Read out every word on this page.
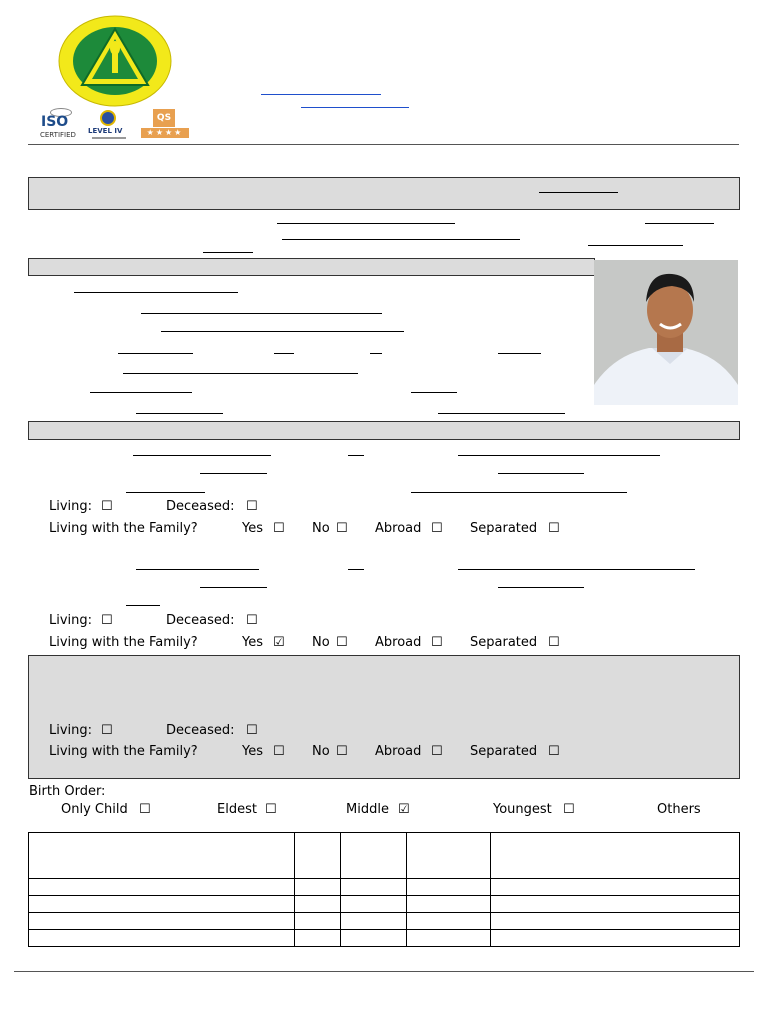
ISO
CERTIFIED LEVEL IV
QS
★★★★
Living: ☐	Deceased: ☐
Living with the Family?	Yes ☐ No ☐ Abroad ☐ Separated ☐
Living: ☐	Deceased: ☐
Living with the Family?	Yes ☑ No ☐ Abroad ☐ Separated ☐
Living: ☐	Deceased: ☐
Living with the Family?	Yes ☐ No ☐ Abroad ☐ Separated ☐
Birth Order:
Only Child ☐	Eldest ☐	Middle ☑	Youngest ☐	Others
